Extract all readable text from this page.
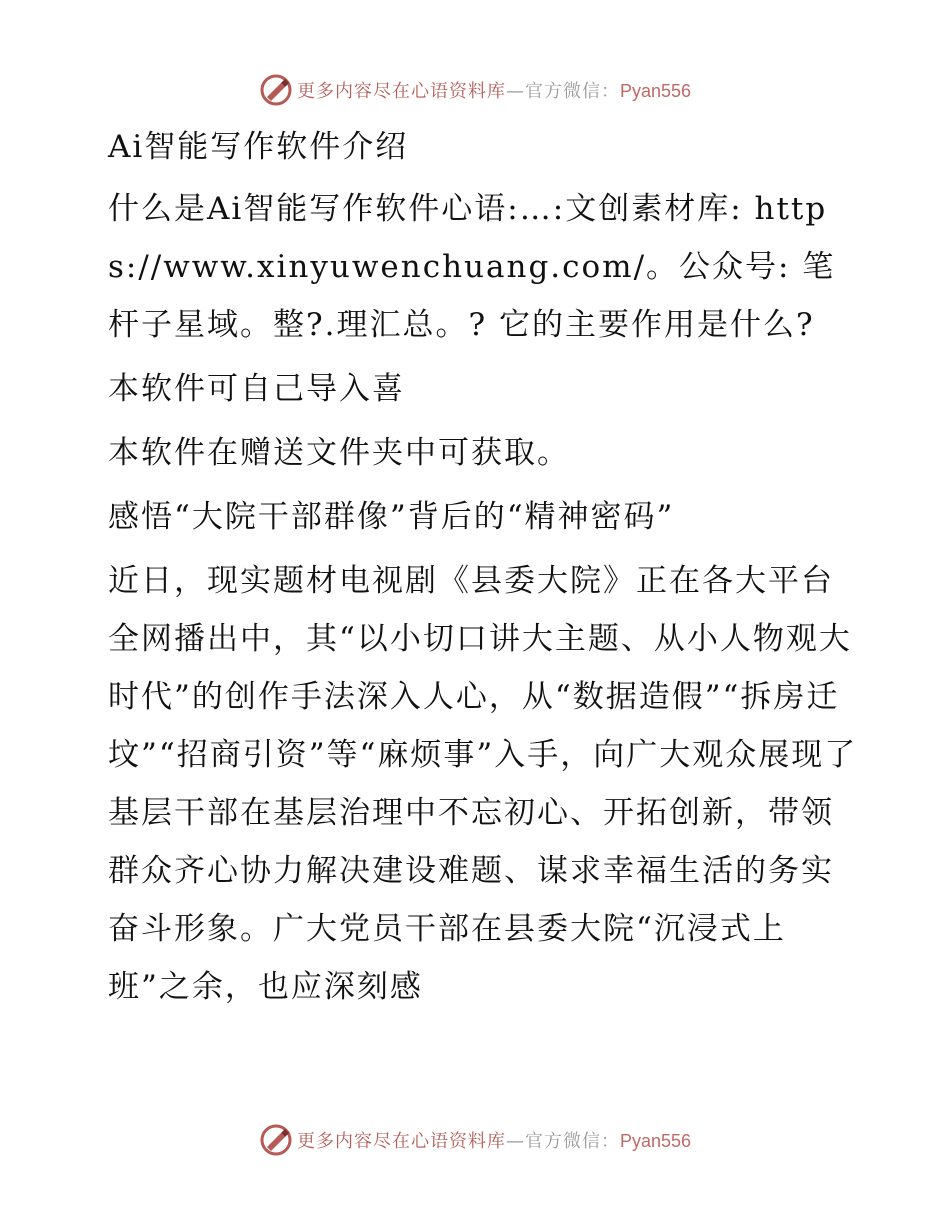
更多内容尽在心语资料库—官方微信：Pyan556

Ai智能写作软件介绍

什么是Ai智能写作软件心语:…:文创素材库: https://www.xinyuwenchuang.com/。公众号: 笔杆子星域。整?.理汇总。? 它的主要作用是什么?

本软件可自己导入喜

本软件在赠送文件夹中可获取。

感悟“大院干部群像”背后的“精神密码”

近日，现实题材电视剧《县委大院》正在各大平台全网播出中，其“以小切口讲大主题、从小人物观大时代”的创作手法深入人心，从“数据造假”“拆房迁坟”“招商引资”等“麻烦事”入手，向广大观众展现了基层干部在基层治理中不忘初心、开拓创新，带领群众齐心协力解决建设难题、谋求幸福生活的务实奋斗形象。广大党员干部在县委大院“沉浸式上班”之余，也应深刻感

更多内容尽在心语资料库—官方微信：Pyan556
